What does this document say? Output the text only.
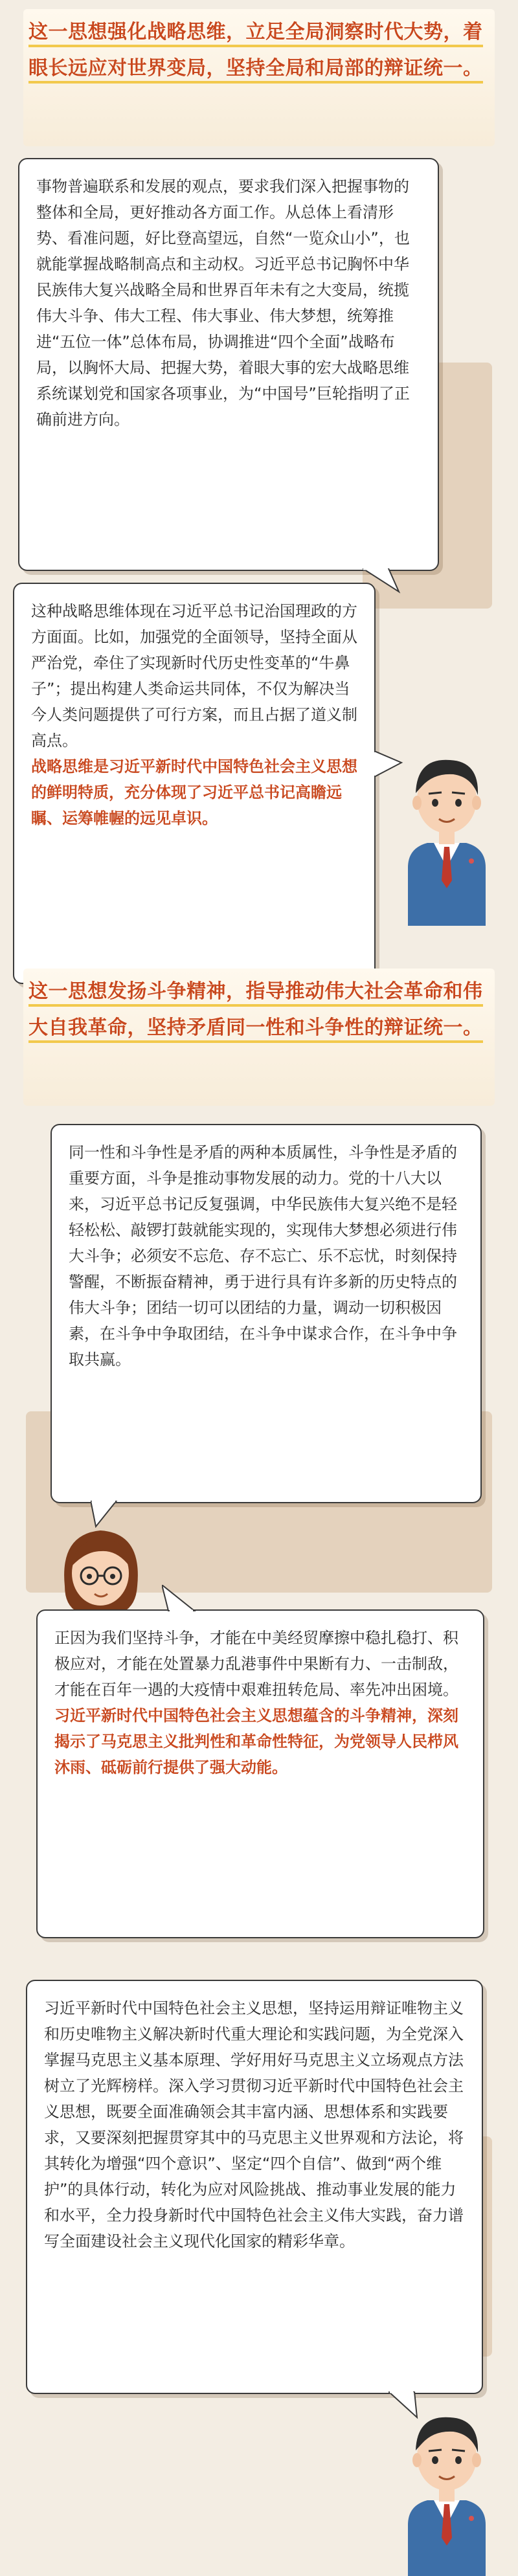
这一思想强化战略思维，立足全局洞察时代大势，着眼长远应对世界变局，坚持全局和局部的辩证统一。
事物普遍联系和发展的观点，要求我们深入把握事物的整体和全局，更好推动各方面工作。从总体上看清形势、看准问题，好比登高望远，自然“一览众山小”，也就能掌握战略制高点和主动权。习近平总书记胸怀中华民族伟大复兴战略全局和世界百年未有之大变局，统揽伟大斗争、伟大工程、伟大事业、伟大梦想，统筹推进“五位一体”总体布局，协调推进“四个全面”战略布局，以胸怀大局、把握大势，着眼大事的宏大战略思维系统谋划党和国家各项事业，为“中国号”巨轮指明了正确前进方向。
这种战略思维体现在习近平总书记治国理政的方方面面。比如，加强党的全面领导，坚持全面从严治党，牵住了实现新时代历史性变革的“牛鼻子”；提出构建人类命运共同体，不仅为解决当今人类问题提供了可行方案，而且占据了道义制高点。
战略思维是习近平新时代中国特色社会主义思想的鲜明特质，充分体现了习近平总书记高瞻远瞩、运筹帷幄的远见卓识。
这一思想发扬斗争精神，指导推动伟大社会革命和伟大自我革命，坚持矛盾同一性和斗争性的辩证统一。
同一性和斗争性是矛盾的两种本质属性，斗争性是矛盾的重要方面，斗争是推动事物发展的动力。党的十八大以来，习近平总书记反复强调，中华民族伟大复兴绝不是轻轻松松、敲锣打鼓就能实现的，实现伟大梦想必须进行伟大斗争；必须安不忘危、存不忘亡、乐不忘忧，时刻保持警醒，不断振奋精神，勇于进行具有许多新的历史特点的伟大斗争；团结一切可以团结的力量，调动一切积极因素，在斗争中争取团结，在斗争中谋求合作，在斗争中争取共赢。
正因为我们坚持斗争，才能在中美经贸摩擦中稳扎稳打、积极应对，才能在处置暴力乱港事件中果断有力、一击制敌，才能在百年一遇的大疫情中艰难扭转危局、率先冲出困境。
习近平新时代中国特色社会主义思想蕴含的斗争精神，深刻揭示了马克思主义批判性和革命性特征，为党领导人民栉风沐雨、砥砺前行提供了强大动能。
习近平新时代中国特色社会主义思想，坚持运用辩证唯物主义和历史唯物主义解决新时代重大理论和实践问题，为全党深入掌握马克思主义基本原理、学好用好马克思主义立场观点方法树立了光辉榜样。深入学习贯彻习近平新时代中国特色社会主义思想，既要全面准确领会其丰富内涵、思想体系和实践要求，又要深刻把握贯穿其中的马克思主义世界观和方法论，将其转化为增强“四个意识”、坚定“四个自信”、做到“两个维护”的具体行动，转化为应对风险挑战、推动事业发展的能力和水平，全力投身新时代中国特色社会主义伟大实践，奋力谱写全面建设社会主义现代化国家的精彩华章。
